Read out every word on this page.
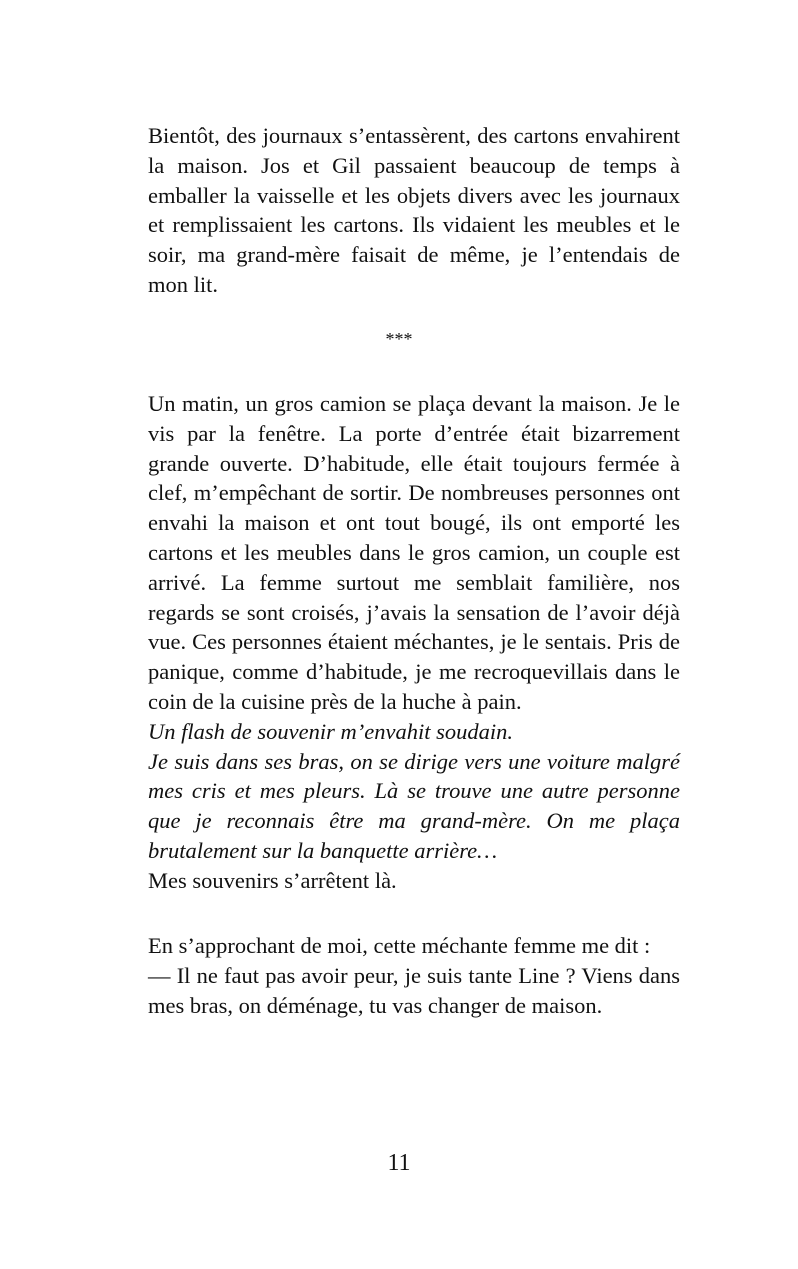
Bientôt, des journaux s’entassèrent, des cartons envahirent la maison. Jos et Gil passaient beaucoup de temps à emballer la vaisselle et les objets divers avec les journaux et remplissaient les cartons. Ils vidaient les meubles et le soir, ma grand-mère faisait de même, je l’entendais de mon lit.

***

Un matin, un gros camion se plaça devant la maison. Je le vis par la fenêtre. La porte d’entrée était bizarrement grande ouverte. D’habitude, elle était toujours fermée à clef, m’empêchant de sortir. De nombreuses personnes ont envahi la maison et ont tout bougé, ils ont emporté les cartons et les meubles dans le gros camion, un couple est arrivé. La femme surtout me semblait familière, nos regards se sont croisés, j’avais la sensation de l’avoir déjà vue. Ces personnes étaient méchantes, je le sentais. Pris de panique, comme d’habitude, je me recroquevillais dans le coin de la cuisine près de la huche à pain.

Un flash de souvenir m’envahit soudain.

Je suis dans ses bras, on se dirige vers une voiture malgré mes cris et mes pleurs. Là se trouve une autre personne que je reconnais être ma grand-mère. On me plaça brutalement sur la banquette arrière…

Mes souvenirs s’arrêtent là.

En s’approchant de moi, cette méchante femme me dit :

— Il ne faut pas avoir peur, je suis tante Line ? Viens dans mes bras, on déménage, tu vas changer de maison.

11
